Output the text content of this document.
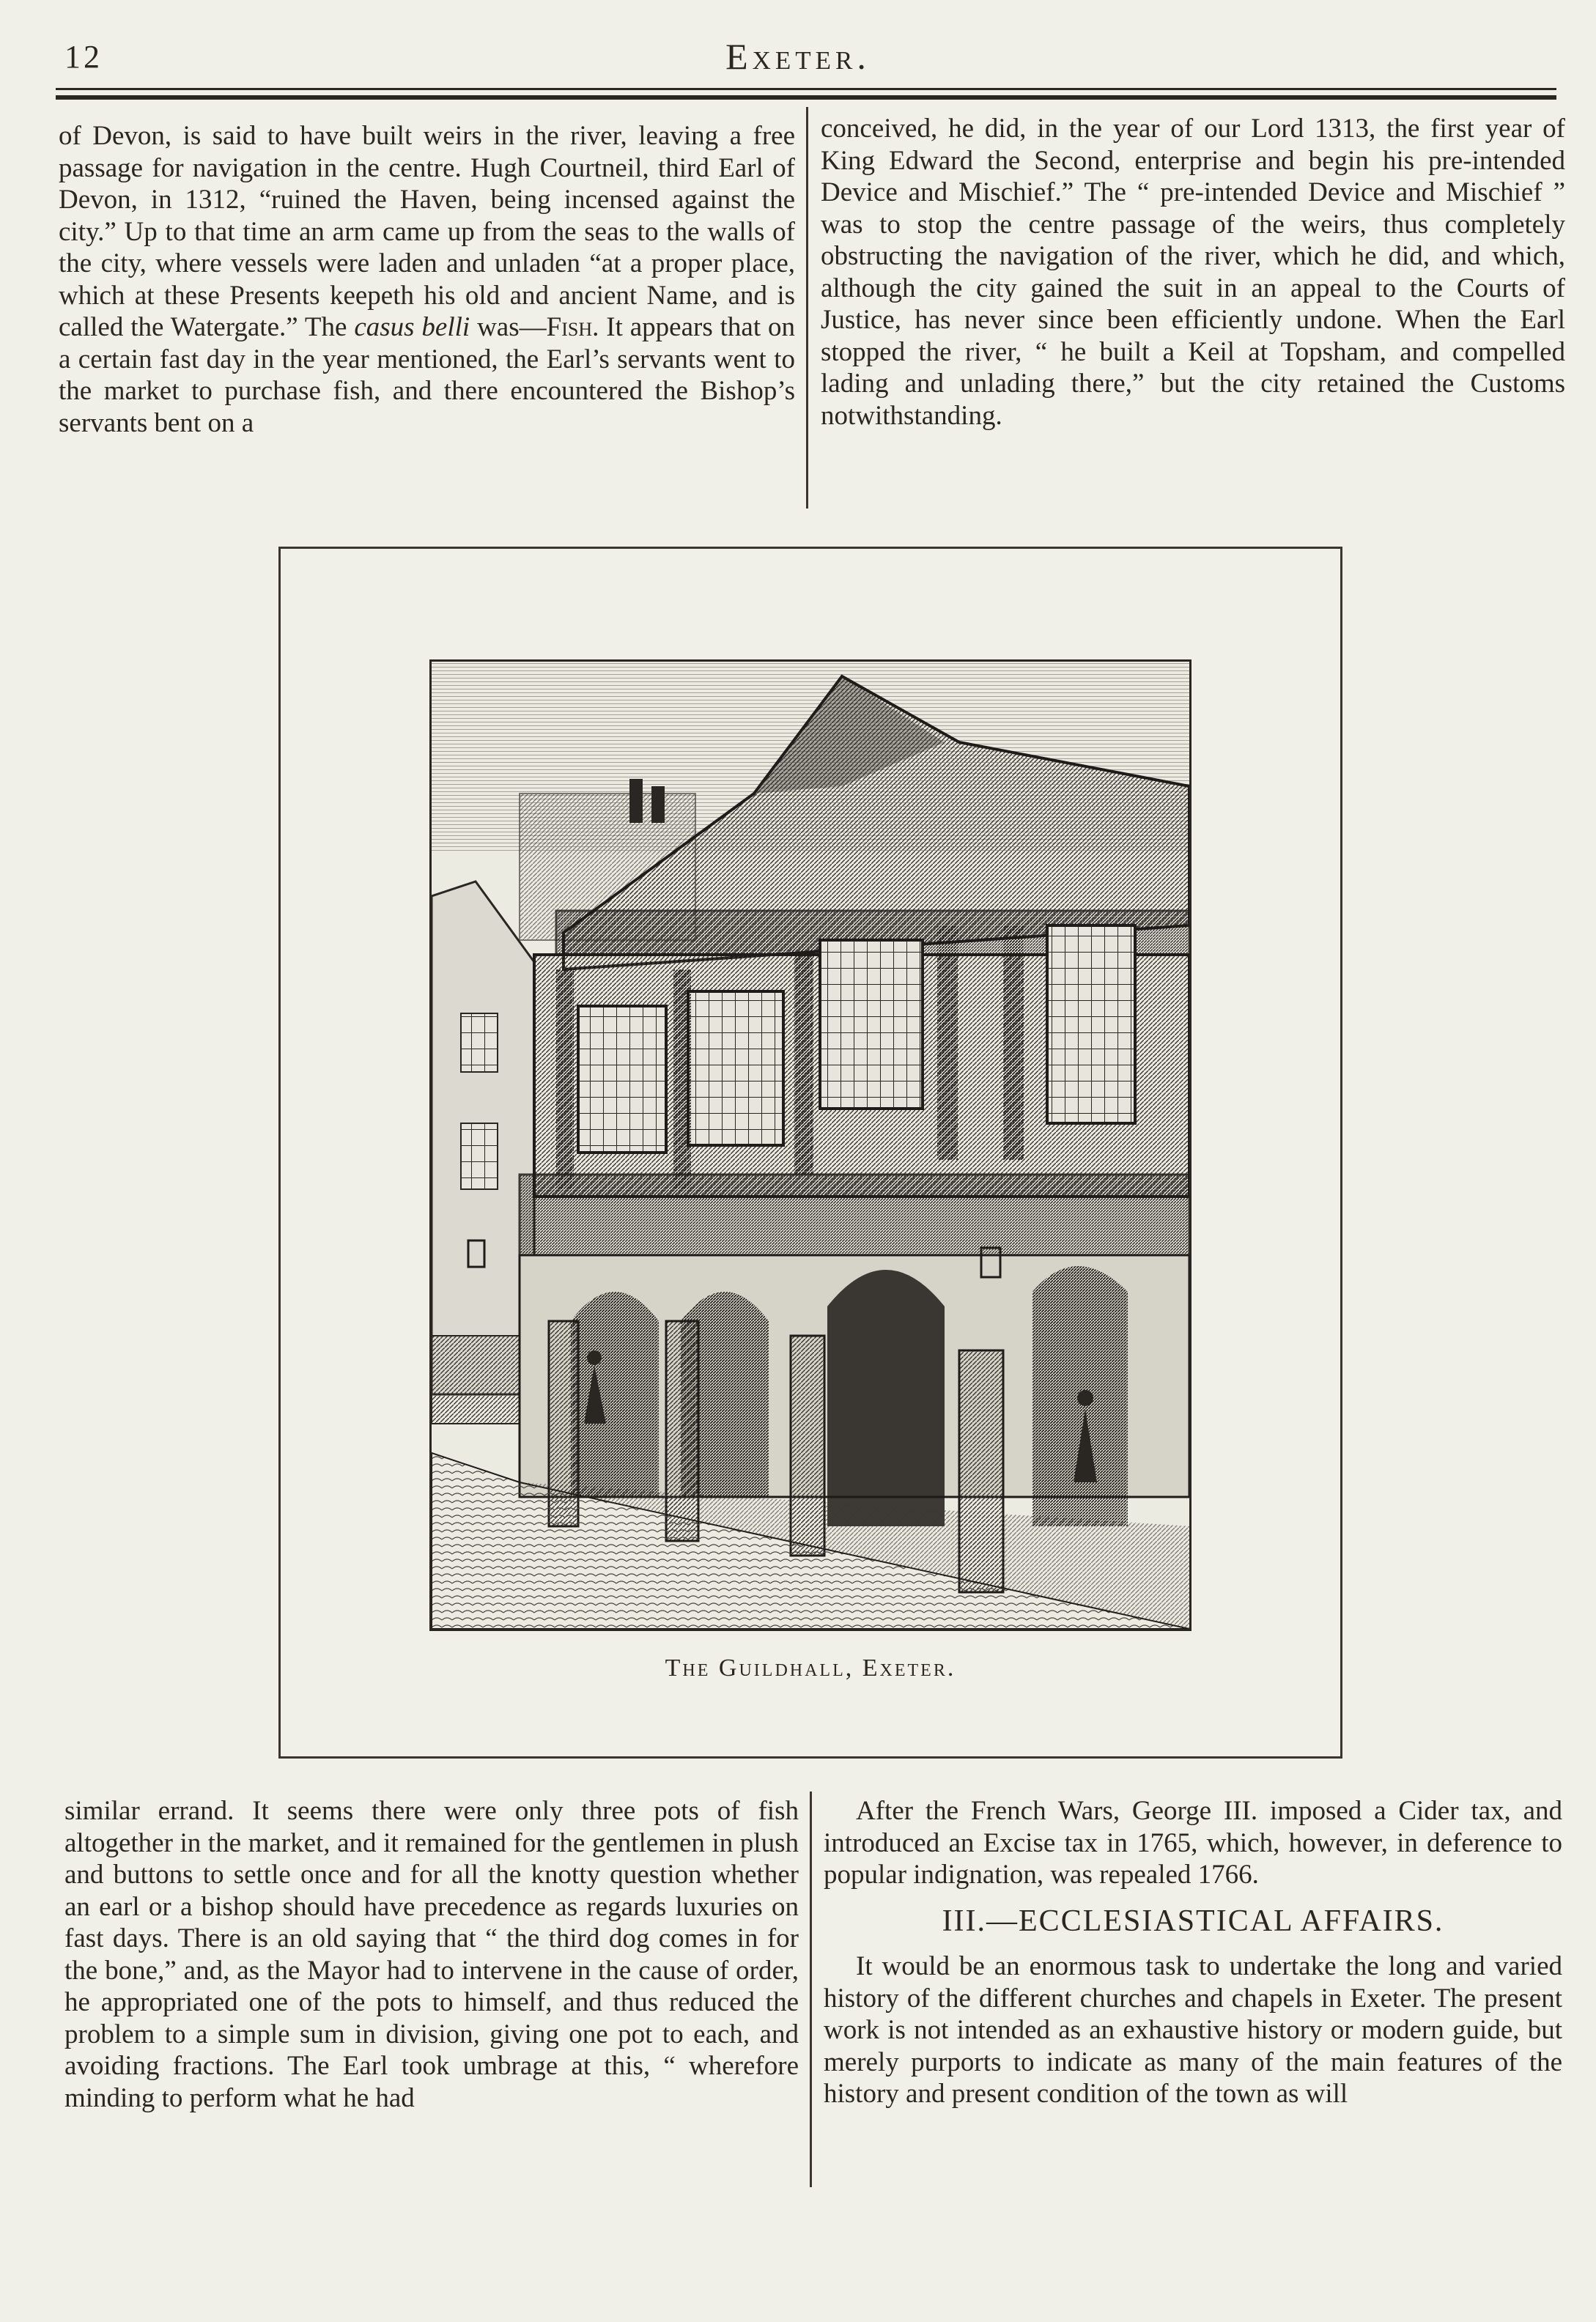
12	Exeter.

of Devon, is said to have built weirs in the river, leaving a free passage for navigation in the centre. Hugh Courtneil, third Earl of Devon, in 1312, “ruined the Haven, being incensed against the city.” Up to that time an arm came up from the seas to the walls of the city, where vessels were laden and unladen “at a proper place, which at these Presents keepeth his old and ancient Name, and is called the Watergate.” The casus belli was—Fish. It appears that on a certain fast day in the year mentioned, the Earl’s servants went to the market to purchase fish, and there encountered the Bishop’s servants bent on a

conceived, he did, in the year of our Lord 1313, the first year of King Edward the Second, enterprise and begin his pre-intended Device and Mischief.” The “ pre-intended Device and Mischief ” was to stop the centre passage of the weirs, thus completely obstructing the navigation of the river, which he did, and which, although the city gained the suit in an appeal to the Courts of Justice, has never since been efficiently undone. When the Earl stopped the river, “ he built a Keil at Topsham, and compelled lading and unlading there,” but the city retained the Customs notwithstanding.

The Guildhall, Exeter.

similar errand. It seems there were only three pots of fish altogether in the market, and it remained for the gentlemen in plush and buttons to settle once and for all the knotty question whether an earl or a bishop should have precedence as regards luxuries on fast days. There is an old saying that “ the third dog comes in for the bone,” and, as the Mayor had to intervene in the cause of order, he appropriated one of the pots to himself, and thus reduced the problem to a simple sum in division, giving one pot to each, and avoiding fractions. The Earl took umbrage at this, “ wherefore minding to perform what he had

After the French Wars, George III. imposed a Cider tax, and introduced an Excise tax in 1765, which, however, in deference to popular indignation, was repealed 1766.

III.—ECCLESIASTICAL AFFAIRS.

It would be an enormous task to undertake the long and varied history of the different churches and chapels in Exeter. The present work is not intended as an exhaustive history or modern guide, but merely purports to indicate as many of the main features of the history and present condition of the town as will
